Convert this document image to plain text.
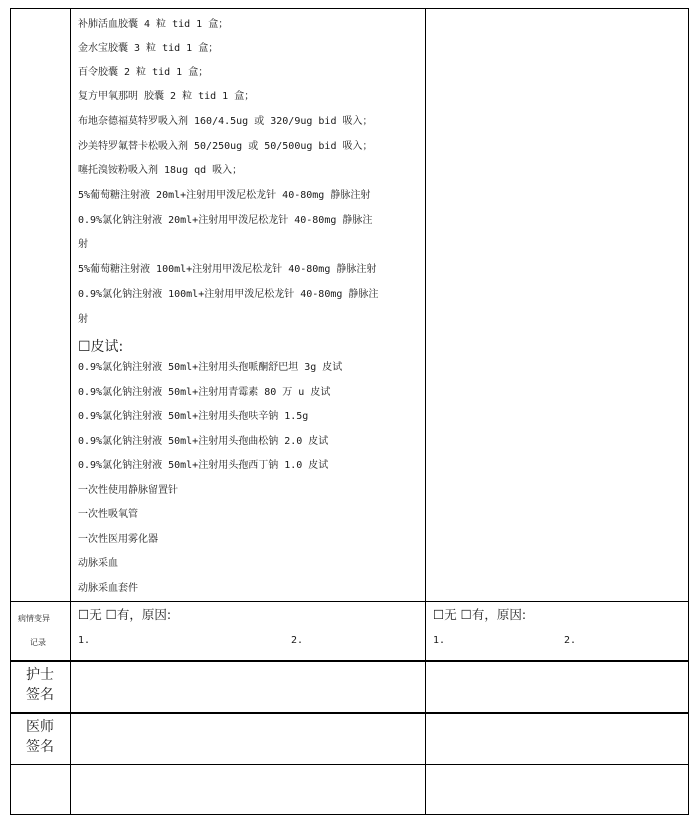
补肺活血胶囊 4 粒 tid 1 盒；
金水宝胶囊 3 粒 tid 1 盒；
百令胶囊 2 粒 tid 1 盒；
复方甲氧那明 胶囊 2 粒 tid 1 盒；
布地奈德福莫特罗吸入剂 160/4.5ug 或 320/9ug bid 吸入；
沙美特罗氟替卡松吸入剂 50/250ug 或 50/500ug bid 吸入；
噻托溴铵粉吸入剂 18ug qd 吸入；
5%葡萄糖注射液 20ml+注射用甲泼尼松龙针 40-80mg 静脉注射
0.9%氯化钠注射液 20ml+注射用甲泼尼松龙针 40-80mg 静脉注
射
5%葡萄糖注射液 100ml+注射用甲泼尼松龙针 40-80mg 静脉注射
0.9%氯化钠注射液 100ml+注射用甲泼尼松龙针 40-80mg 静脉注
射
☐皮试:
0.9%氯化钠注射液 50ml+注射用头孢哌酮舒巴坦 3g 皮试
0.9%氯化钠注射液 50ml+注射用青霉素 80 万 u 皮试
0.9%氯化钠注射液 50ml+注射用头孢呋辛钠 1.5g
0.9%氯化钠注射液 50ml+注射用头孢曲松钠 2.0 皮试
0.9%氯化钠注射液 50ml+注射用头孢西丁钠 1.0 皮试
一次性使用静脉留置针
一次性吸氧管
一次性医用雾化器
动脉采血
动脉采血套件
病情变异
记录
☐无 ☐有，原因:
1.	2.
☐无 ☐有，原因:
1.	2.
护士
签名
医师
签名
